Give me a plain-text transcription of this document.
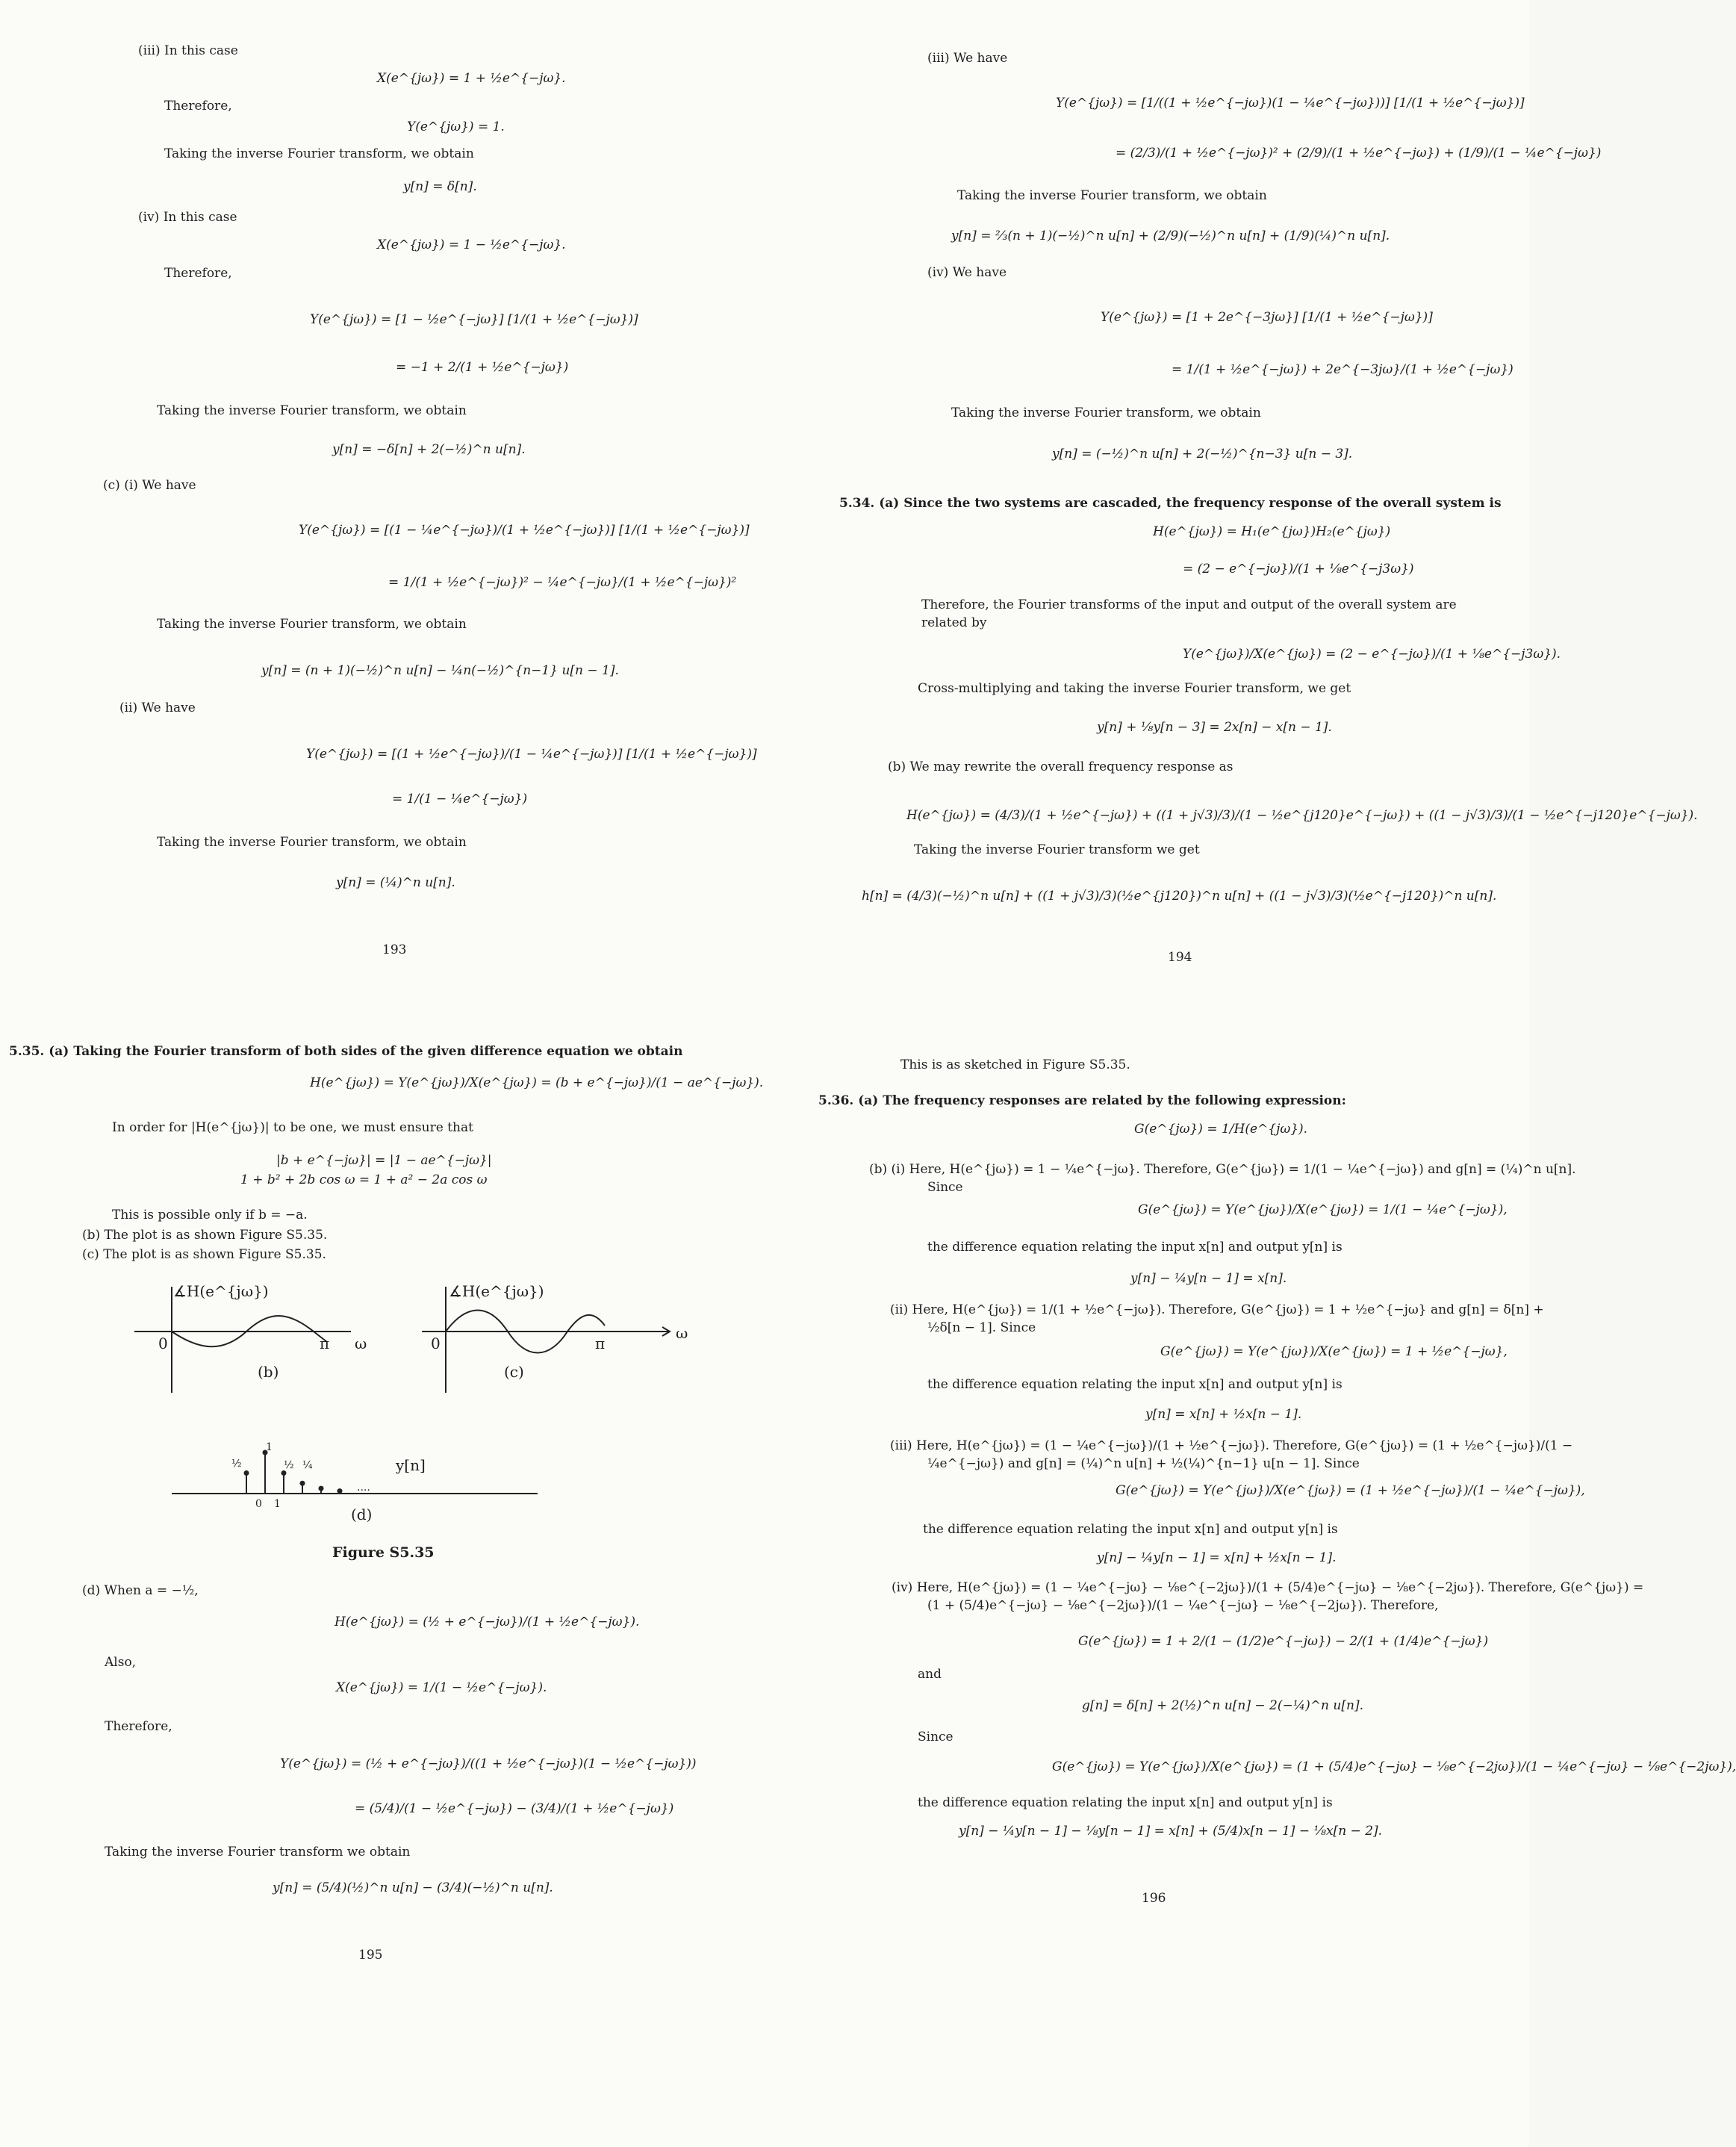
(iii) In this case
X(e^{jω}) = 1 + ½e^{−jω}.
Therefore,
Y(e^{jω}) = 1.
Taking the inverse Fourier transform, we obtain
y[n] = δ[n].
(iv) In this case
X(e^{jω}) = 1 − ½e^{−jω}.
Therefore,
Y(e^{jω}) = [1 − ½e^{−jω}] [1/(1 + ½e^{−jω})]
= −1 + 2/(1 + ½e^{−jω})
Taking the inverse Fourier transform, we obtain
y[n] = −δ[n] + 2(−½)^n u[n].
(c) (i) We have
Y(e^{jω}) = [(1 − ¼e^{−jω})/(1 + ½e^{−jω})] [1/(1 + ½e^{−jω})]
= 1/(1 + ½e^{−jω})² − ¼e^{−jω}/(1 + ½e^{−jω})²
Taking the inverse Fourier transform, we obtain
y[n] = (n + 1)(−½)^n u[n] − ¼n(−½)^{n−1} u[n − 1].
(ii) We have
Y(e^{jω}) = [(1 + ½e^{−jω})/(1 − ¼e^{−jω})] [1/(1 + ½e^{−jω})]
= 1/(1 − ¼e^{−jω})
Taking the inverse Fourier transform, we obtain
y[n] = (¼)^n u[n].
193
(iii) We have
Y(e^{jω}) = [1/((1 + ½e^{−jω})(1 − ¼e^{−jω}))] [1/(1 + ½e^{−jω})]
= (2/3)/(1 + ½e^{−jω})² + (2/9)/(1 + ½e^{−jω}) + (1/9)/(1 − ¼e^{−jω})
Taking the inverse Fourier transform, we obtain
y[n] = ⅔(n + 1)(−½)^n u[n] + (2/9)(−½)^n u[n] + (1/9)(¼)^n u[n].
(iv) We have
Y(e^{jω}) = [1 + 2e^{−3jω}] [1/(1 + ½e^{−jω})]
= 1/(1 + ½e^{−jω}) + 2e^{−3jω}/(1 + ½e^{−jω})
Taking the inverse Fourier transform, we obtain
y[n] = (−½)^n u[n] + 2(−½)^{n−3} u[n − 3].
5.34. (a) Since the two systems are cascaded, the frequency response of the overall system is
H(e^{jω}) = H₁(e^{jω})H₂(e^{jω})
= (2 − e^{−jω})/(1 + ⅛e^{−j3ω})
Therefore, the Fourier transforms of the input and output of the overall system are
related by
Y(e^{jω})/X(e^{jω}) = (2 − e^{−jω})/(1 + ⅛e^{−j3ω}).
Cross-multiplying and taking the inverse Fourier transform, we get
y[n] + ⅛y[n − 3] = 2x[n] − x[n − 1].
(b) We may rewrite the overall frequency response as
H(e^{jω}) = (4/3)/(1 + ½e^{−jω}) + ((1 + j√3)/3)/(1 − ½e^{j120}e^{−jω}) + ((1 − j√3)/3)/(1 − ½e^{−j120}e^{−jω}).
Taking the inverse Fourier transform we get
h[n] = (4/3)(−½)^n u[n] + ((1 + j√3)/3)(½e^{j120})^n u[n] + ((1 − j√3)/3)(½e^{−j120})^n u[n].
194
5.35. (a) Taking the Fourier transform of both sides of the given difference equation we obtain
H(e^{jω}) = Y(e^{jω})/X(e^{jω}) = (b + e^{−jω})/(1 − ae^{−jω}).
In order for |H(e^{jω})| to be one, we must ensure that
|b + e^{−jω}| = |1 − ae^{−jω}|
1 + b² + 2b cos ω = 1 + a² − 2a cos ω
This is possible only if b = −a.
(b) The plot is as shown Figure S5.35.
(c) The plot is as shown Figure S5.35.
∡H(e^{jω})
0	π ω
(b)
∡H(e^{jω})
0	π
ω
(c)
½
1
½ ¼	y[n]
....
0 1
(d)
Figure S5.35
(d) When a = −½,
H(e^{jω}) = (½ + e^{−jω})/(1 + ½e^{−jω}).
Also,
X(e^{jω}) = 1/(1 − ½e^{−jω}).
Therefore,
Y(e^{jω}) = (½ + e^{−jω})/((1 + ½e^{−jω})(1 − ½e^{−jω}))
= (5/4)/(1 − ½e^{−jω}) − (3/4)/(1 + ½e^{−jω})
Taking the inverse Fourier transform we obtain
y[n] = (5/4)(½)^n u[n] − (3/4)(−½)^n u[n].
195
This is as sketched in Figure S5.35.
5.36. (a) The frequency responses are related by the following expression:
G(e^{jω}) = 1/H(e^{jω}).
(b) (i) Here, H(e^{jω}) = 1 − ¼e^{−jω}. Therefore, G(e^{jω}) = 1/(1 − ¼e^{−jω}) and g[n] = (¼)^n u[n].
Since
G(e^{jω}) = Y(e^{jω})/X(e^{jω}) = 1/(1 − ¼e^{−jω}),
the difference equation relating the input x[n] and output y[n] is
y[n] − ¼y[n − 1] = x[n].
(ii) Here, H(e^{jω}) = 1/(1 + ½e^{−jω}). Therefore, G(e^{jω}) = 1 + ½e^{−jω} and g[n] = δ[n] +
½δ[n − 1]. Since
G(e^{jω}) = Y(e^{jω})/X(e^{jω}) = 1 + ½e^{−jω},
the difference equation relating the input x[n] and output y[n] is
y[n] = x[n] + ½x[n − 1].
(iii) Here, H(e^{jω}) = (1 − ¼e^{−jω})/(1 + ½e^{−jω}). Therefore, G(e^{jω}) = (1 + ½e^{−jω})/(1 −
¼e^{−jω}) and g[n] = (¼)^n u[n] + ½(¼)^{n−1} u[n − 1]. Since
G(e^{jω}) = Y(e^{jω})/X(e^{jω}) = (1 + ½e^{−jω})/(1 − ¼e^{−jω}),
the difference equation relating the input x[n] and output y[n] is
y[n] − ¼y[n − 1] = x[n] + ½x[n − 1].
(iv) Here, H(e^{jω}) = (1 − ¼e^{−jω} − ⅛e^{−2jω})/(1 + (5/4)e^{−jω} − ⅛e^{−2jω}). Therefore, G(e^{jω}) =
(1 + (5/4)e^{−jω} − ⅛e^{−2jω})/(1 − ¼e^{−jω} − ⅛e^{−2jω}). Therefore,
G(e^{jω}) = 1 + 2/(1 − (1/2)e^{−jω}) − 2/(1 + (1/4)e^{−jω})
and
g[n] = δ[n] + 2(½)^n u[n] − 2(−¼)^n u[n].
Since
G(e^{jω}) = Y(e^{jω})/X(e^{jω}) = (1 + (5/4)e^{−jω} − ⅛e^{−2jω})/(1 − ¼e^{−jω} − ⅛e^{−2jω}),
the difference equation relating the input x[n] and output y[n] is
y[n] − ¼y[n − 1] − ⅛y[n − 1] = x[n] + (5/4)x[n − 1] − ⅛x[n − 2].
196
